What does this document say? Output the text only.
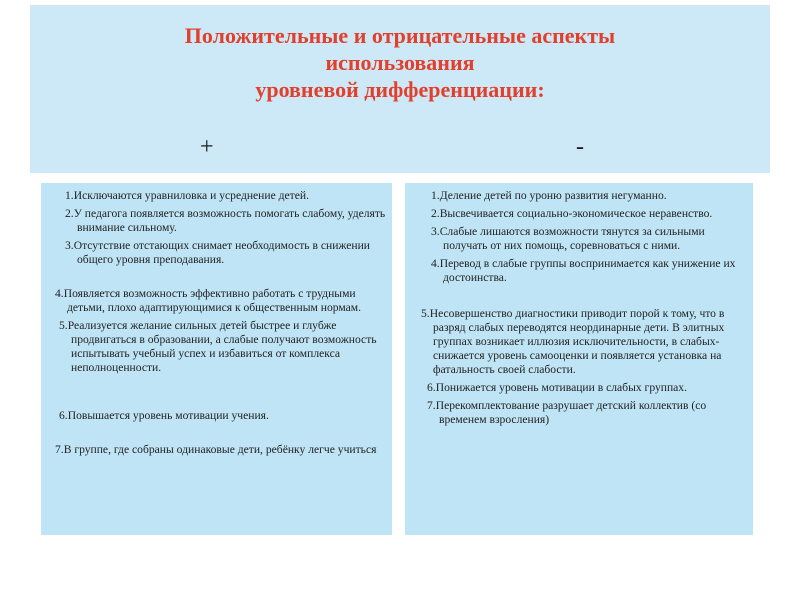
Положительные и отрицательные аспекты
использования
уровневой дифференциации:
+	-

1.Исключаются уравниловка и усреднение детей.

2.У педагога появляется возможность помогать слабому, уделять внимание сильному.

3.Отсутствие отстающих снимает необходимость в снижении общего уровня преподавания.

4.Появляется возможность эффективно работать с трудными детьми, плохо адаптирующимися к общественным нормам.

5.Реализуется желание сильных детей быстрее и глубже продвигаться в образовании, а слабые получают возможность испытывать учебный успех и избавиться от комплекса неполноценности.

6.Повышается уровень мотивации учения.

7.В группе, где собраны одинаковые дети, ребёнку легче учиться

1.Деление детей по уроню развития негуманно.

2.Высвечивается социально-экономическое неравенство.

3.Слабые лишаются возможности тянутся за сильными получать от них помощь, соревноваться с ними.

4.Перевод в слабые группы воспринимается как унижение их достоинства.

5.Несовершенство диагностики приводит порой к тому, что в разряд слабых переводятся неординарные дети. В элитных группах возникает иллюзия исключительности, в слабых- снижается уровень самооценки и появляется установка на фатальность своей слабости.

6.Понижается уровень мотивации в слабых группах.

7.Перекомплектование разрушает детский коллектив (со временем взросления)
